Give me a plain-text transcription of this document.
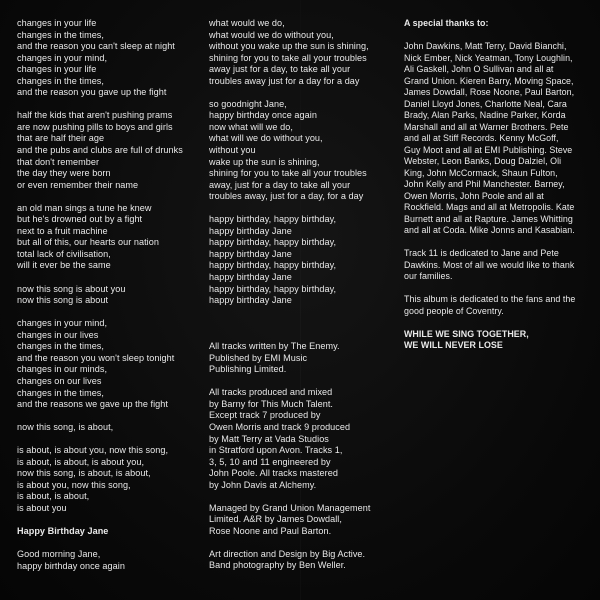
changes in your life
changes in the times,
and the reason you can't sleep at night
changes in your mind,
changes in your life
changes in the times,
and the reason you gave up the fight
half the kids that aren't pushing prams
are now pushing pills to boys and girls
that are half their age
and the pubs and clubs are full of drunks
that don't remember
the day they were born
or even remember their name
an old man sings a tune he knew
but he's drowned out by a fight
next to a fruit machine
but all of this, our hearts our nation
total lack of civilisation,
will it ever be the same
now this song is about you
now this song is about
changes in your mind,
changes in our lives
changes in the times,
and the reason you won't sleep tonight
changes in our minds,
changes on our lives
changes in the times,
and the reasons we gave up the fight
now this song, is about,
is about, is about you, now this song,
is about, is about, is about you,
now this song, is about, is about,
is about you, now this song,
is about, is about,
is about you
Happy Birthday Jane
Good morning Jane,
happy birthday once again
what would we do,
what would we do without you,
without you wake up the sun is shining,
shining for you to take all your troubles
away just for a day, to take all your
troubles away just for a day for a day
so goodnight Jane,
happy birthday once again
now what will we do,
what will we do without you,
without you
wake up the sun is shining,
shining for you to take all your troubles
away, just for a day to take all your
troubles away, just for a day, for a day
happy birthday, happy birthday,
happy birthday Jane
happy birthday, happy birthday,
happy birthday Jane
happy birthday, happy birthday,
happy birthday Jane
happy birthday, happy birthday,
happy birthday Jane
All tracks written by The Enemy.
Published by EMI Music
Publishing Limited.
All tracks produced and mixed
by Barny for This Much Talent.
Except track 7 produced by
Owen Morris and track 9 produced
by Matt Terry at Vada Studios
in Stratford upon Avon. Tracks 1,
3, 5, 10 and 11 engineered by
John Poole. All tracks mastered
by John Davis at Alchemy.
Managed by Grand Union Management
Limited. A&R by James Dowdall,
Rose Noone and Paul Barton.
Art direction and Design by Big Active.
Band photography by Ben Weller.
A special thanks to:
John Dawkins, Matt Terry, David Bianchi,
Nick Ember, Nick Yeatman, Tony Loughlin,
Ali Gaskell, John O Sullivan and all at
Grand Union. Kieren Barry, Moving Space,
James Dowdall, Rose Noone, Paul Barton,
Daniel Lloyd Jones, Charlotte Neal, Cara
Brady, Alan Parks, Nadine Parker, Korda
Marshall and all at Warner Brothers. Pete
and all at Stiff Records. Kenny McGoff,
Guy Moot and all at EMI Publishing. Steve
Webster, Leon Banks, Doug Dalziel, Oli
King, John McCormack, Shaun Fulton,
John Kelly and Phil Manchester. Barney,
Owen Morris, John Poole and all at
Rockfield. Mags and all at Metropolis. Kate
Burnett and all at Rapture. James Whitting
and all at Coda. Mike Jonns and Kasabian.
Track 11 is dedicated to Jane and Pete
Dawkins. Most of all we would like to thank
our families.
This album is dedicated to the fans and the
good people of Coventry.
WHILE WE SING TOGETHER,
WE WILL NEVER LOSE
